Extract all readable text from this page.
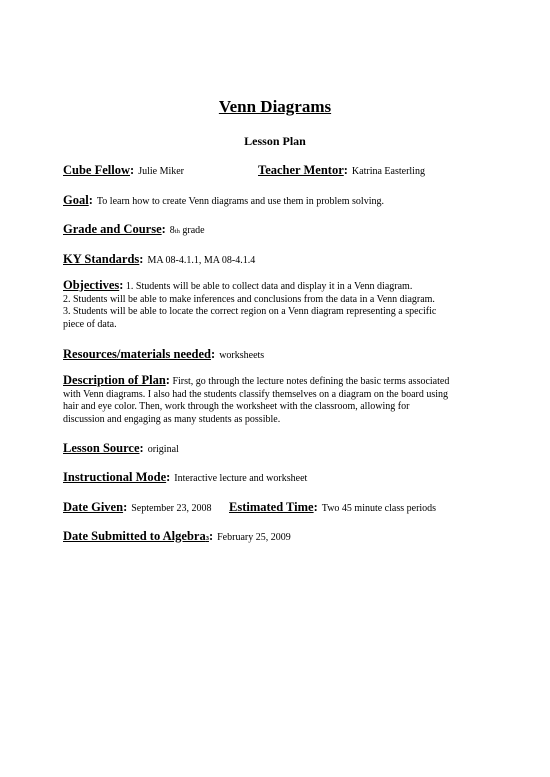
Venn Diagrams
Lesson Plan
Cube Fellow: Julie Miker	Teacher Mentor: Katrina Easterling
Goal: To learn how to create Venn diagrams and use them in problem solving.
Grade and Course: 8th grade
KY Standards: MA 08-4.1.1, MA 08-4.1.4
Objectives: 1. Students will be able to collect data and display it in a Venn diagram.
2. Students will be able to make inferences and conclusions from the data in a Venn diagram.
3. Students will be able to locate the correct region on a Venn diagram representing a specific
piece of data.
Resources/materials needed: worksheets
Description of Plan: First, go through the lecture notes defining the basic terms associated
with Venn diagrams. I also had the students classify themselves on a diagram on the board using
hair and eye color. Then, work through the worksheet with the classroom, allowing for
discussion and engaging as many students as possible.
Lesson Source: original
Instructional Mode: Interactive lecture and worksheet
Date Given: September 23, 2008 Estimated Time: Two 45 minute class periods
Date Submitted to Algebra3: February 25, 2009
